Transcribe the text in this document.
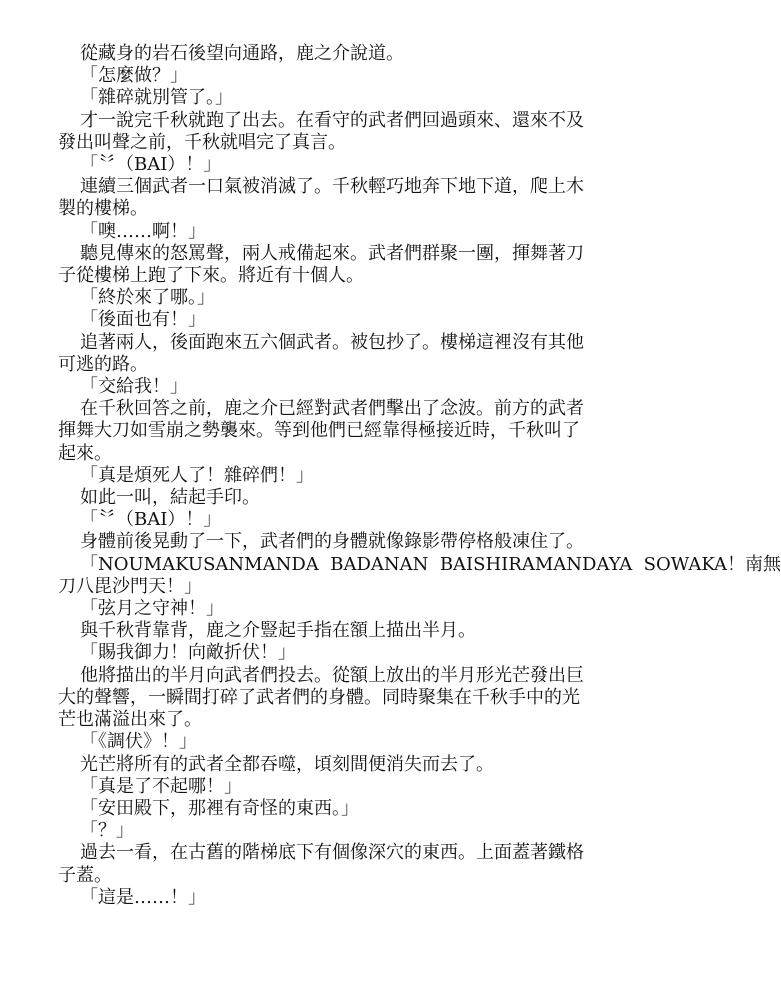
從藏身的岩石後望向通路，鹿之介說道。
「怎麼做？」
「雜碎就別管了。」
才一說完千秋就跑了出去。在看守的武者們回過頭來、還來不及
發出叫聲之前，千秋就唱完了真言。
「〝〞（BAI）！」
連續三個武者一口氣被消滅了。千秋輕巧地奔下地下道，爬上木
製的樓梯。
「噢……啊！」
聽見傳來的怒罵聲，兩人戒備起來。武者們群聚一團，揮舞著刀
子從樓梯上跑了下來。將近有十個人。
「終於來了哪。」
「後面也有！」
追著兩人，後面跑來五六個武者。被包抄了。樓梯這裡沒有其他
可逃的路。
「交給我！」
在千秋回答之前，鹿之介已經對武者們擊出了念波。前方的武者
揮舞大刀如雪崩之勢襲來。等到他們已經靠得極接近時，千秋叫了
起來。
「真是煩死人了！雜碎們！」
如此一叫，結起手印。
「〝〞（BAI）！」
身體前後晃動了一下，武者們的身體就像錄影帶停格般凍住了。
「NOUMAKUSANMANDA  BADANAN  BAISHIRAMANDAYA  SOWAKA！南無
刀八毘沙門天！」
「弦月之守神！」
與千秋背靠背，鹿之介豎起手指在額上描出半月。
「賜我御力！向敵折伏！」
他將描出的半月向武者們投去。從額上放出的半月形光芒發出巨
大的聲響，一瞬間打碎了武者們的身體。同時聚集在千秋手中的光
芒也滿溢出來了。
「《調伏》！」
光芒將所有的武者全都吞噬，頃刻間便消失而去了。
「真是了不起哪！」
「安田殿下，那裡有奇怪的東西。」
「？」
過去一看，在古舊的階梯底下有個像深穴的東西。上面蓋著鐵格
子蓋。
「這是……！」
